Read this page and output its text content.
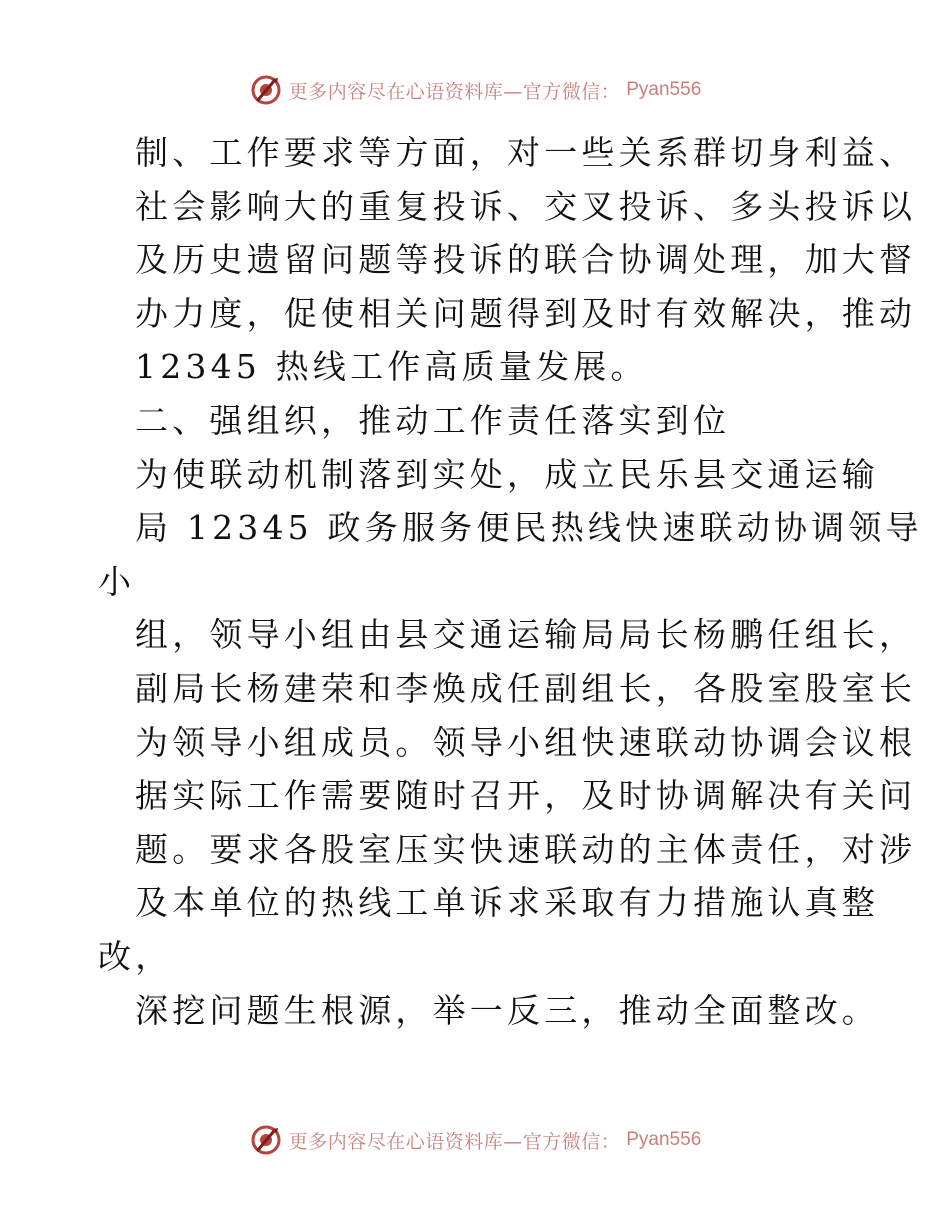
更多内容尽在心语资料库—官方微信： Pyan556
制、工作要求等方面，对一些关系群切身利益、
社会影响大的重复投诉、交叉投诉、多头投诉以
及历史遗留问题等投诉的联合协调处理，加大督
办力度，促使相关问题得到及时有效解决，推动
12345 热线工作高质量发展。
二、强组织，推动工作责任落实到位
为使联动机制落到实处，成立民乐县交通运输
局 12345 政务服务便民热线快速联动协调领导
小
组，领导小组由县交通运输局局长杨鹏任组长，
副局长杨建荣和李焕成任副组长，各股室股室长
为领导小组成员。领导小组快速联动协调会议根
据实际工作需要随时召开，及时协调解决有关问
题。要求各股室压实快速联动的主体责任，对涉
及本单位的热线工单诉求采取有力措施认真整
改，
深挖问题生根源，举一反三，推动全面整改。
更多内容尽在心语资料库—官方微信： Pyan556
